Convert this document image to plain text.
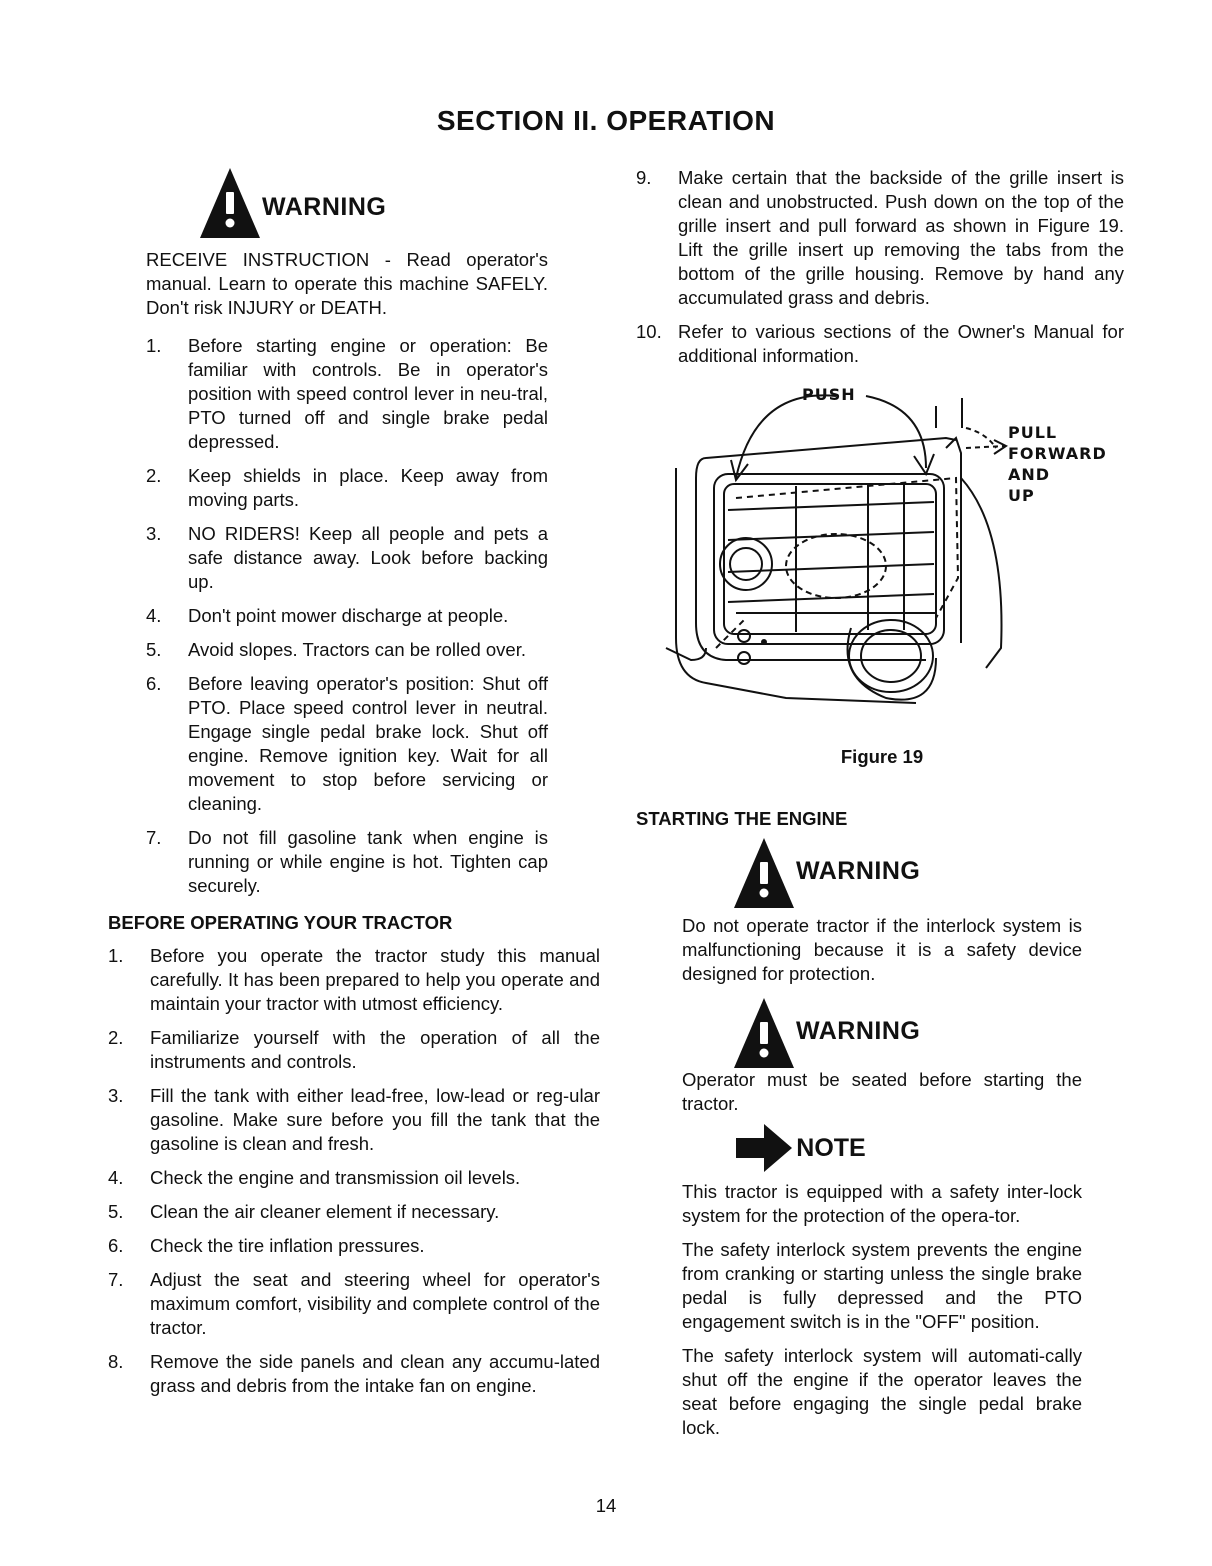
SECTION II. OPERATION
WARNING

RECEIVE INSTRUCTION - Read operator's manual. Learn to operate this machine SAFELY. Don't risk INJURY or DEATH.

1. Before starting engine or operation: Be familiar with controls. Be in operator's position with speed control lever in neu-tral, PTO turned off and single brake pedal depressed.
2. Keep shields in place. Keep away from moving parts.
3. NO RIDERS! Keep all people and pets a safe distance away. Look before backing up.
4. Don't point mower discharge at people.
5. Avoid slopes. Tractors can be rolled over.
6. Before leaving operator's position: Shut off PTO. Place speed control lever in neutral. Engage single pedal brake lock. Shut off engine. Remove ignition key. Wait for all movement to stop before servicing or cleaning.
7. Do not fill gasoline tank when engine is running or while engine is hot. Tighten cap securely.
BEFORE OPERATING YOUR TRACTOR
1. Before you operate the tractor study this manual carefully. It has been prepared to help you operate and maintain your tractor with utmost efficiency.
2. Familiarize yourself with the operation of all the instruments and controls.
3. Fill the tank with either lead-free, low-lead or reg-ular gasoline. Make sure before you fill the tank that the gasoline is clean and fresh.
4. Check the engine and transmission oil levels.
5. Clean the air cleaner element if necessary.
6. Check the tire inflation pressures.
7. Adjust the seat and steering wheel for operator's maximum comfort, visibility and complete control of the tractor.
8. Remove the side panels and clean any accumu-lated grass and debris from the intake fan on engine.
9. Make certain that the backside of the grille insert is clean and unobstructed. Push down on the top of the grille insert and pull forward as shown in Figure 19. Lift the grille insert up removing the tabs from the bottom of the grille housing. Remove by hand any accumulated grass and debris.
10. Refer to various sections of the Owner's Manual for additional information.
PUSH
PULL
FORWARD
AND
UP
Figure 19
STARTING THE ENGINE
WARNING

Do not operate tractor if the interlock system is malfunctioning because it is a safety device designed for protection.

WARNING

Operator must be seated before starting the tractor.

NOTE

This tractor is equipped with a safety inter-lock system for the protection of the opera-tor.

The safety interlock system prevents the engine from cranking or starting unless the single brake pedal is fully depressed and the PTO engagement switch is in the "OFF" position.

The safety interlock system will automati-cally shut off the engine if the operator leaves the seat before engaging the single pedal brake lock.

14
